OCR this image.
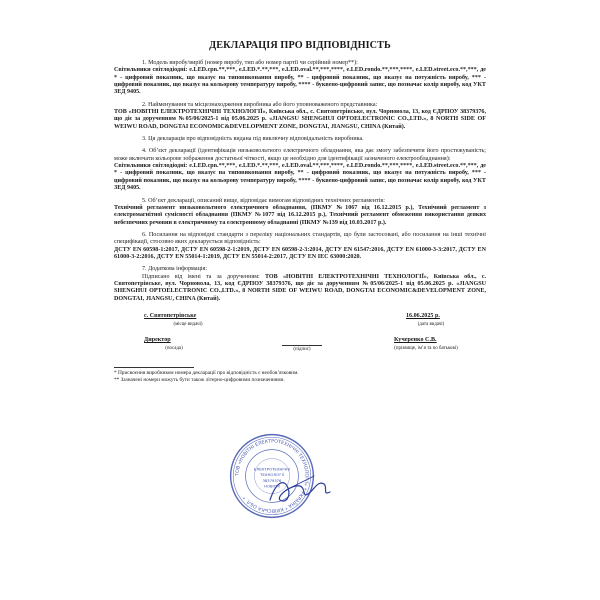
ДЕКЛАРАЦІЯ ПРО ВІДПОВІДНІСТЬ

1. Модель виробу/виріб (номер виробу, тип або номер партії чи серійний номер**):

Світильники світлодіодні: e.LED.cpn.**,***, e.LED.*.**,***, e.LED.oval.**,***,****, e.LED.rondo.**,***,****, e.LED.street.eco.**,***, де * - цифровий показник, що вказує на типовиконання виробу, ** - цифровий показник, що вказує на потужність виробу, *** - цифровий показник, що вказує на кольорову температуру виробу, **** - буквено-цифровий запис, що позначає колір виробу, код УКТ ЗЕД 9405.

2. Найменування та місцезнаходження виробника або його уповноваженого представника:

ТОВ «НОВІТНІ ЕЛЕКТРОТЕХНІЧНІ ТЕХНОЛОГІЇ», Київська обл., с. Святопетрівське, вул. Чорновола, 13, код ЄДРПОУ 38379376, що діє за дорученням №05/06/2025-1 від 05.06.2025 р. «JIANGSU SHENGHUI OPTOELECTRONIC CO.,LTD.», 8 NORTH SIDE OF WEIWU ROAD, DONGTAI ECONOMIC&DEVELOPMENT ZONE, DONGTAI, JIANGSU, CHINA (Китай).

3. Ця декларація про відповідність видана під виключну відповідальність виробника.

4. Об’єкт декларації (ідентифікація низьковольтного електричного обладнання, яка дає змогу забезпечити його простежуваність; може включати кольорове зображення достатньої чіткості, якщо це необхідно для ідентифікації зазначеного електрообладнання):

Світильники світлодіодні: e.LED.cpn.**,***, e.LED.*.**,***, e.LED.oval.**,***,****, e.LED.rondo.**,***,****, e.LED.street.eco.**,***, де * - цифровий показник, що вказує на типовиконання виробу, ** - цифровий показник, що вказує на потужність виробу, *** - цифровий показник, що вказує на кольорову температуру виробу, **** - буквено-цифровий запис, що позначає колір виробу, код УКТ ЗЕД 9405.

5. Об’єкт декларації, описаний вище, відповідає вимогам відповідних технічних регламентів:

Технічний регламент низьковольтного електричного обладнання, (ПКМУ №1067 від 16.12.2015 р.), Технічний регламент з електромагнітної сумісності обладнання (ПКМУ №1077 від 16.12.2015 р.), Технічний регламент обмеження використання деяких небезпечних речовин в електричному та електронному обладнанні (ПКМУ №139 від 10.03.2017 р.).

6. Посилання на відповідні стандарти з переліку національних стандартів, що були застосовані, або посилання на інші технічні специфікації, стосовно яких декларується відповідність:

ДСТУ EN 60598-1:2017, ДСТУ EN 60598-2-1:2019, ДСТУ EN 60598-2-3:2014, ДСТУ EN 61547:2016, ДСТУ EN 61000-3-3:2017, ДСТУ EN 61000-3-2:2016, ДСТУ EN 55014-1:2019, ДСТУ EN 55014-2:2017, ДСТУ EN IEC 63000:2020.

7. Додаткова інформація:

Підписано від імені та за дорученням: ТОВ «НОВІТНІ ЕЛЕКТРОТЕХНІЧНІ ТЕХНОЛОГІЇ», Київська обл., с. Святопетрівське, вул. Чорновола, 13, код ЄДРПОУ 38379376, що діє за дорученням №05/06/2025-1 від 05.06.2025 р. «JIANGSU SHENGHUI OPTOELECTRONIC CO.,LTD.», 8 NORTH SIDE OF WEIWU ROAD, DONGTAI ECONOMIC&DEVELOPMENT ZONE, DONGTAI, JIANGSU, CHINA (Китай).

с. Святопетрівське
(місце видачі)
16.06.2025 р.
(дата видачі)
Директор
(посада)	(підпис)
Кучеренко С.В.
(прізвище, ім’я та по батькові)

* Присвоєння виробником номера декларації про відповідність є необов’язковим.

** Зазначені номери можуть бути також літерно-цифровими позначеннями.

ТОВ «НОВІТНІ ЕЛЕКТРОТЕХНІЧНІ ТЕХНОЛОГІЇ» * УКРАЇНА * КИЇВСЬКА ОБЛ. *
ЕЛЕКТРОТЕХНІЧНІ
ТЕХНОЛОГІЇ
38379376
НОВІТНІ
